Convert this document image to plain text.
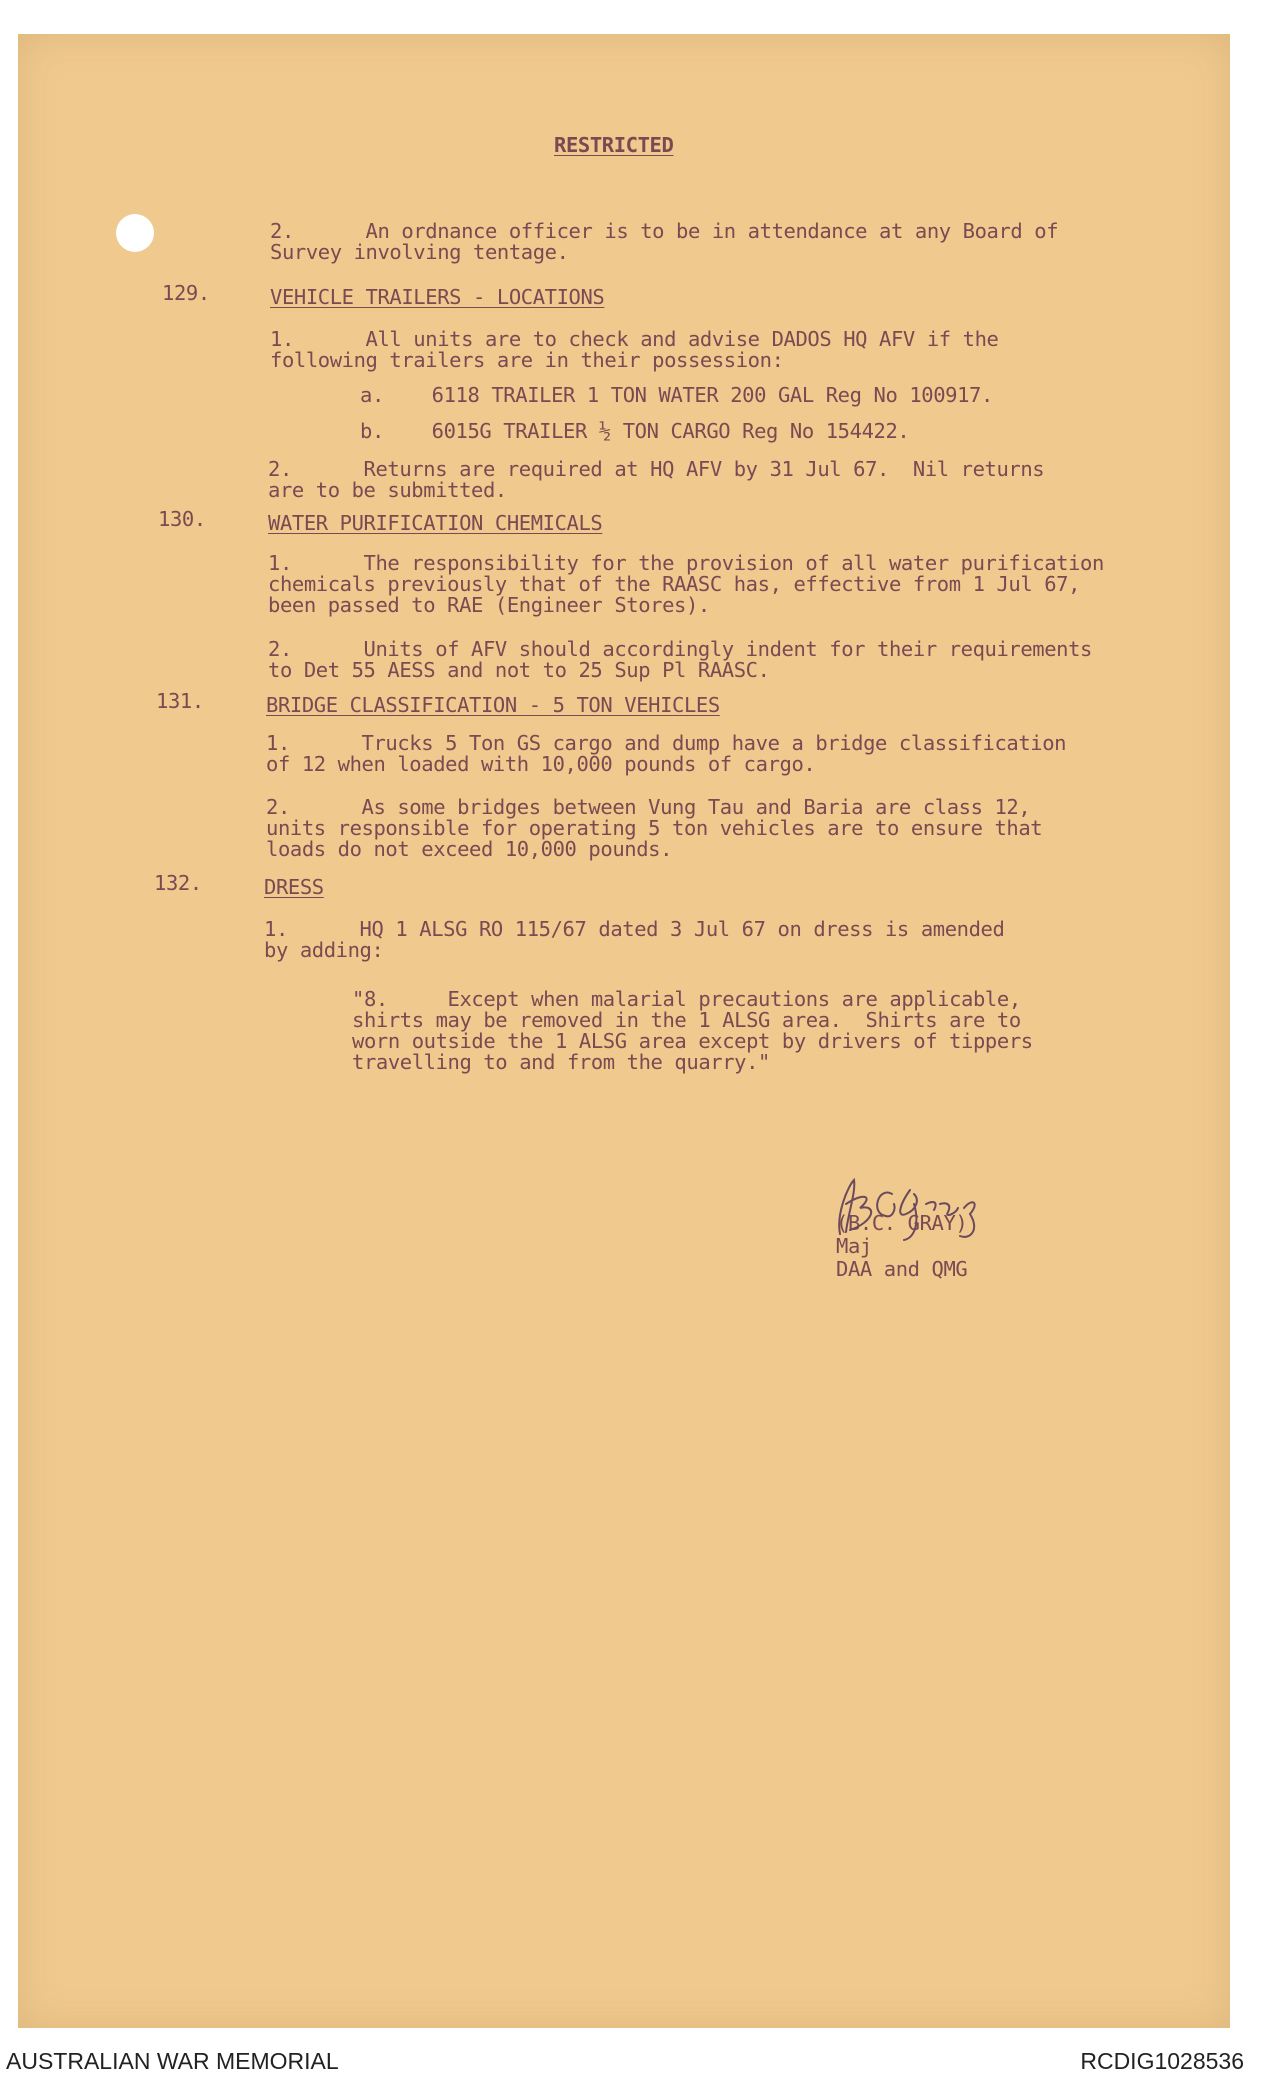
RESTRICTED
2.      An ordnance officer is to be in attendance at any Board of
Survey involving tentage.
129.	VEHICLE TRAILERS - LOCATIONS
1.      All units are to check and advise DADOS HQ AFV if the
following trailers are in their possession:
a.    6118 TRAILER 1 TON WATER 200 GAL Reg No 100917.
b.    6015G TRAILER ½ TON CARGO Reg No 154422.
2.      Returns are required at HQ AFV by 31 Jul 67.  Nil returns
are to be submitted.
130.	WATER PURIFICATION CHEMICALS
1.      The responsibility for the provision of all water purification
chemicals previously that of the RAASC has, effective from 1 Jul 67,
been passed to RAE (Engineer Stores).
2.      Units of AFV should accordingly indent for their requirements
to Det 55 AESS and not to 25 Sup Pl RAASC.
131.	BRIDGE CLASSIFICATION - 5 TON VEHICLES
1.      Trucks 5 Ton GS cargo and dump have a bridge classification
of 12 when loaded with 10,000 pounds of cargo.
2.      As some bridges between Vung Tau and Baria are class 12,
units responsible for operating 5 ton vehicles are to ensure that
loads do not exceed 10,000 pounds.
132.	DRESS
1.      HQ 1 ALSG RO 115/67 dated 3 Jul 67 on dress is amended
by adding:
"8.     Except when malarial precautions are applicable,
shirts may be removed in the 1 ALSG area.  Shirts are to
worn outside the 1 ALSG area except by drivers of tippers
travelling to and from the quarry."
(B.C. GRAY)
Maj
DAA and QMG
AUSTRALIAN WAR MEMORIAL	RCDIG1028536
